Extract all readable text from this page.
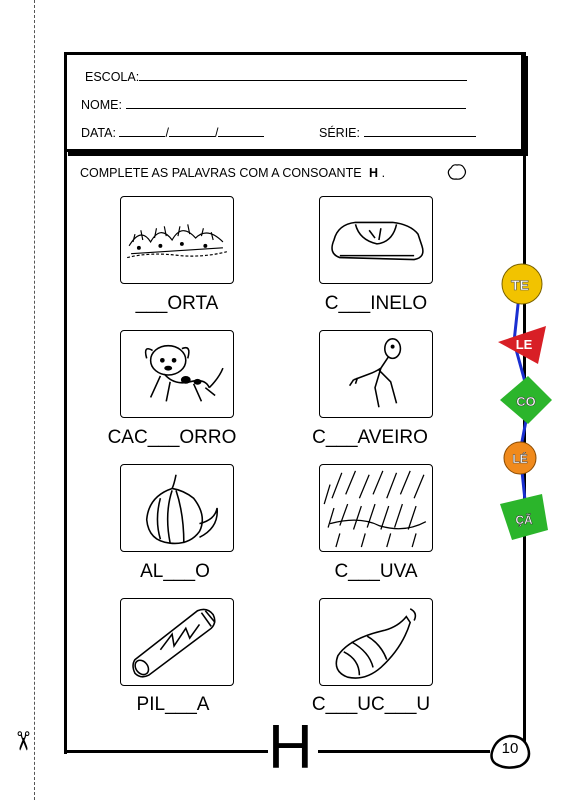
✂
ESCOLA:
NOME:
DATA:	/	/	SÉRIE:
COMPLETE AS PALAVRAS COM A CONSOANTE H .
___ORTA	C___INELO
CAC___ORRO	C___AVEIRO
AL___O	C___UVA
PIL___A	C___UC___U
H	10
TE
LE
CO
LÉ
ÇÃ
